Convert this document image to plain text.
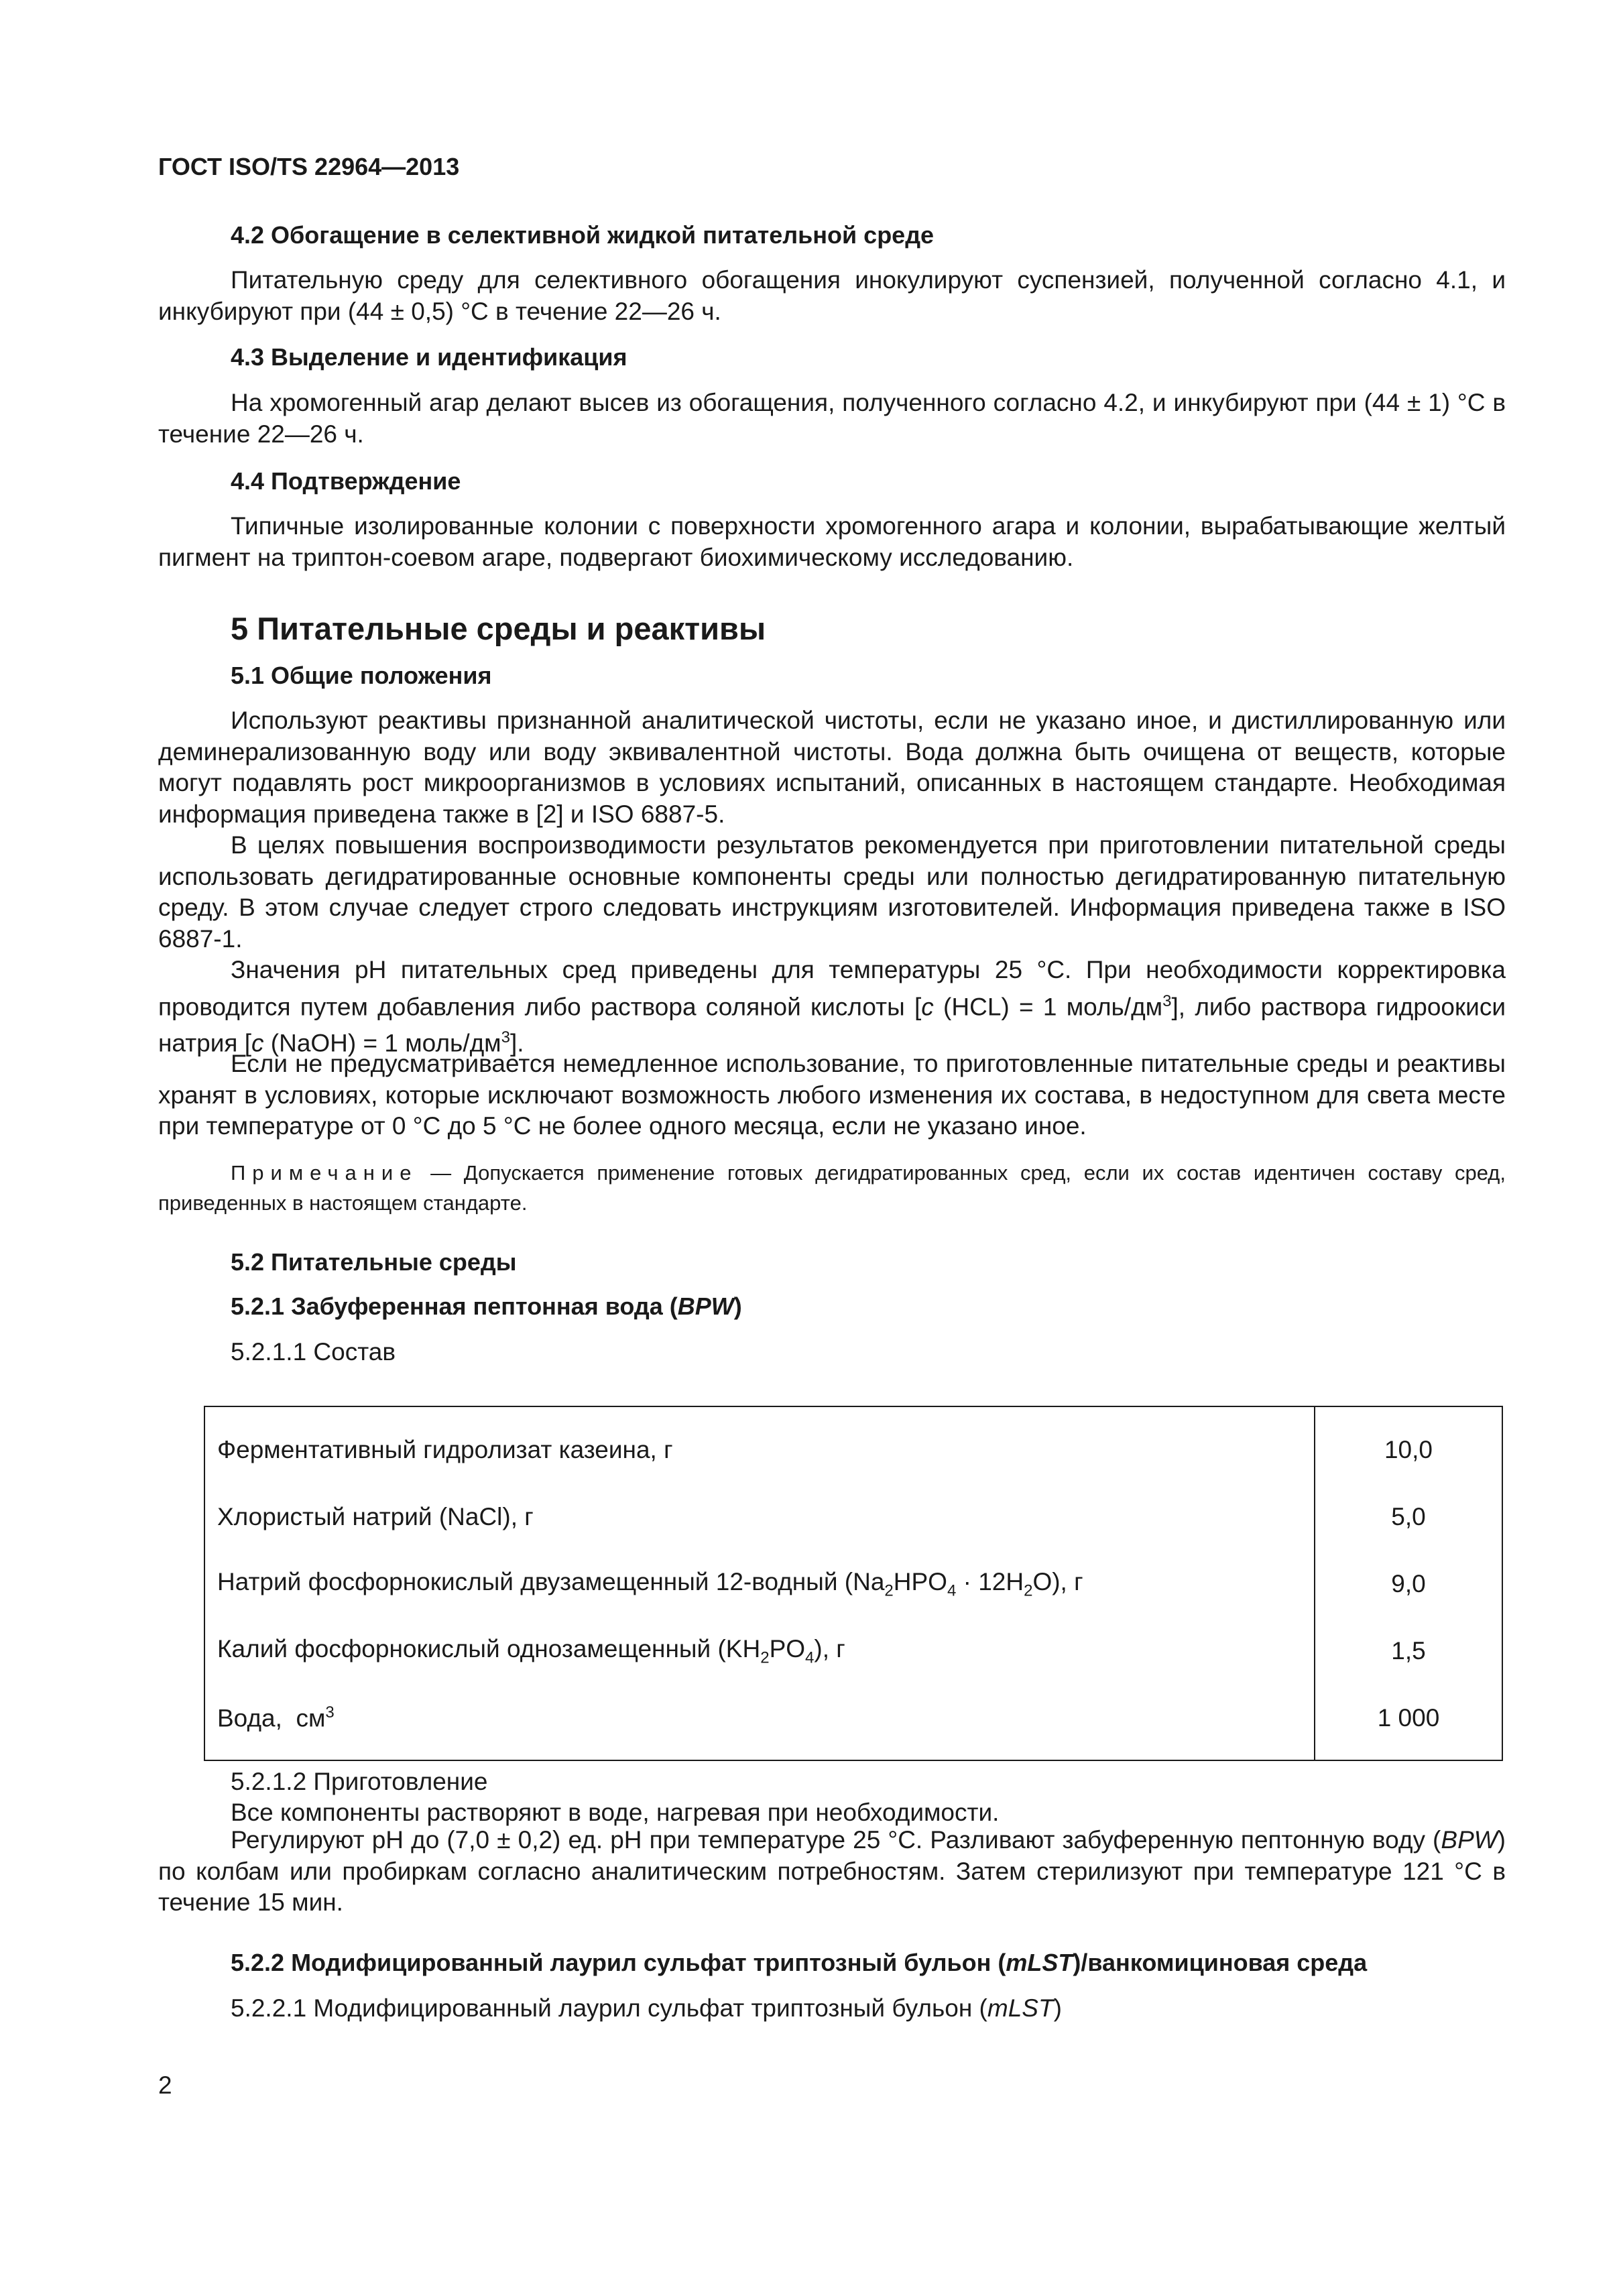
ГОСТ ISO/TS 22964—2013
4.2 Обогащение в селективной жидкой питательной среде

Питательную среду для селективного обогащения инокулируют суспензией, полученной согласно 4.1, и инкубируют при (44 ± 0,5) °С в течение 22—26 ч.

4.3 Выделение и идентификация

На хромогенный агар делают высев из обогащения, полученного согласно 4.2, и инкубируют при (44 ± 1) °С в течение 22—26 ч.

4.4 Подтверждение

Типичные изолированные колонии с поверхности хромогенного агара и колонии, вырабатывающие желтый пигмент на триптон-соевом агаре, подвергают биохимическому исследованию.

5 Питательные среды и реактивы
5.1 Общие положения

Используют реактивы признанной аналитической чистоты, если не указано иное, и дистиллированную или деминерализованную воду или воду эквивалентной чистоты. Вода должна быть очищена от веществ, которые могут подавлять рост микроорганизмов в условиях испытаний, описанных в настоящем стандарте. Необходимая информация приведена также в [2] и ISO 6887-5.

В целях повышения воспроизводимости результатов рекомендуется при приготовлении питательной среды использовать дегидратированные основные компоненты среды или полностью дегидратированную питательную среду. В этом случае следует строго следовать инструкциям изготовителей. Информация приведена также в ISO 6887-1.

Значения рН питательных сред приведены для температуры 25 °С. При необходимости корректировка проводится путем добавления либо раствора соляной кислоты [c (HCL) = 1 моль/$дм^3$], либо раствора гидроокиси натрия [c (NaOH) = 1 моль/$дм^3$].

Если не предусматривается немедленное использование, то приготовленные питательные среды и реактивы хранят в условиях, которые исключают возможность любого изменения их состава, в недоступном для света месте при температуре от 0 °С до 5 °С не более одного месяца, если не указано иное.

Примечание — Допускается применение готовых дегидратированных сред, если их состав идентичен составу сред, приведенных в настоящем стандарте.

5.2 Питательные среды
5.2.1 Забуференная пептонная вода (BPW)
5.2.1.1 Состав
Ферментативный гидролизат казеина, г	10,0
Хлористый натрий (NaCl), г	5,0
Натрий фосфорнокислый двузамещенный 12-водный $(Na_2HPO_4 \cdot 12H_2O)$, г	9,0
Калий фосфорнокислый однозамещенный $(KH_2PO_4)$, г	1,5
Вода,  $см^3$	1 000
5.2.1.2 Приготовление
Все компоненты растворяют в воде, нагревая при необходимости.

Регулируют рН до (7,0 ± 0,2) ед. рН при температуре 25 °С. Разливают забуференную пептонную воду (BPW) по колбам или пробиркам согласно аналитическим потребностям. Затем стерилизуют при температуре 121 °С в течение 15 мин.

5.2.2 Модифицированный лаурил сульфат триптозный бульон (mLST)/ванкомициновая среда
5.2.2.1 Модифицированный лаурил сульфат триптозный бульон (mLST)
2
